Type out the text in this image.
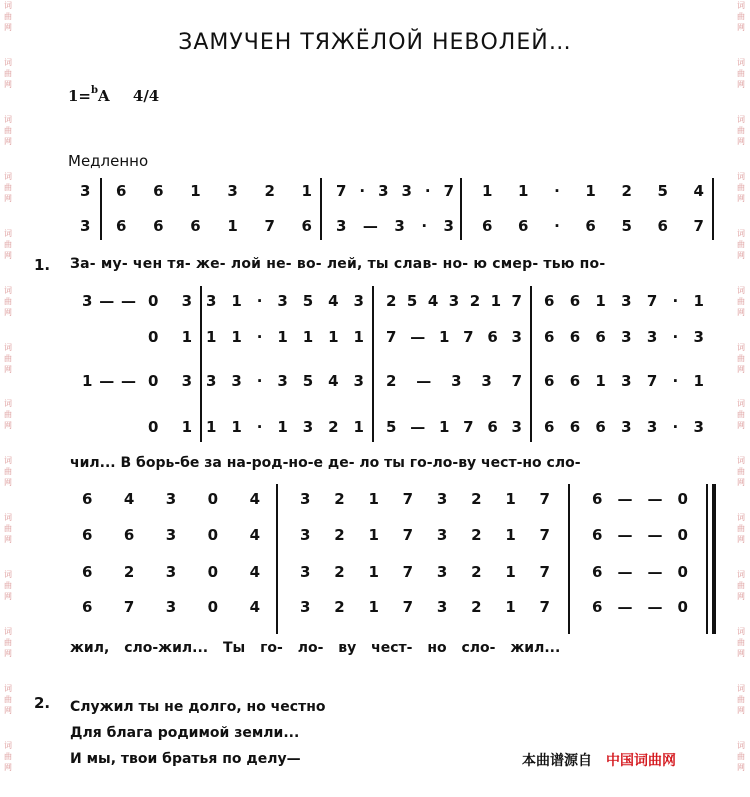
词
曲
网
词
曲
网
词
曲
网
词
曲
网
词
曲
网
词
曲
网
词
曲
网
词
曲
网
词
曲
网
词
曲
网
词
曲
网
词
曲
网
词
曲
网
词
曲
网
词
曲
网
词
曲
网
词
曲
网
词
曲
网
词
曲
网
词
曲
网
词
曲
网
词
曲
网
词
曲
网
词
曲
网
词
曲
网
词
曲
网
词
曲
网
词
曲
网
ЗАМУЧЕН ТЯЖЁЛОЙ НЕВОЛЕЙ…
1=$^b$A 4/4
Медленно
3 6 6 1 3 2 1 7 · 3 3 · 7 1 1 · 1 2 5 4
3 6 6 6 1 7 6 3 — 3 · 3 6 6 · 6 5 6 7
1. За- му- чен тя- же- лой не- во- лей, ты слав- но- ю смер- тью по-
3 — — 0 3 3 1 · 3 5 4 3 2 5 4 3 2 1 7 6 6 1 3 7 · 1
0 1 1 1 · 1 1 1 1 7 — 1 7 6 3 6 6 6 3 3 · 3
1 — — 0 3 3 3 · 3 5 4 3 2 — 3 3 7 6 6 1 3 7 · 1
0 1 1 1 · 1 3 2 1 5 — 1 7 6 3 6 6 6 3 3 · 3
чил... В борь-бе за на-род-но-е де- ло ты го-ло-ву чест-но сло-
6 4 3 0 4	3 2 1 7 3 2 1 7	6 — — 0
6 6 3 0 4	3 2 1 7 3 2 1 7	6 — — 0
6 2 3 0 4	3 2 1 7 3 2 1 7	6 — — 0
6 7 3 0 4	3 2 1 7 3 2 1 7	6 — — 0
жил, сло-жил... Ты го- ло- ву чест- но сло- жил...
2. Служил ты не долго, но честно
Для блага родимой земли...
И мы, твои братья по делу—	本曲谱源自 中国词曲网
